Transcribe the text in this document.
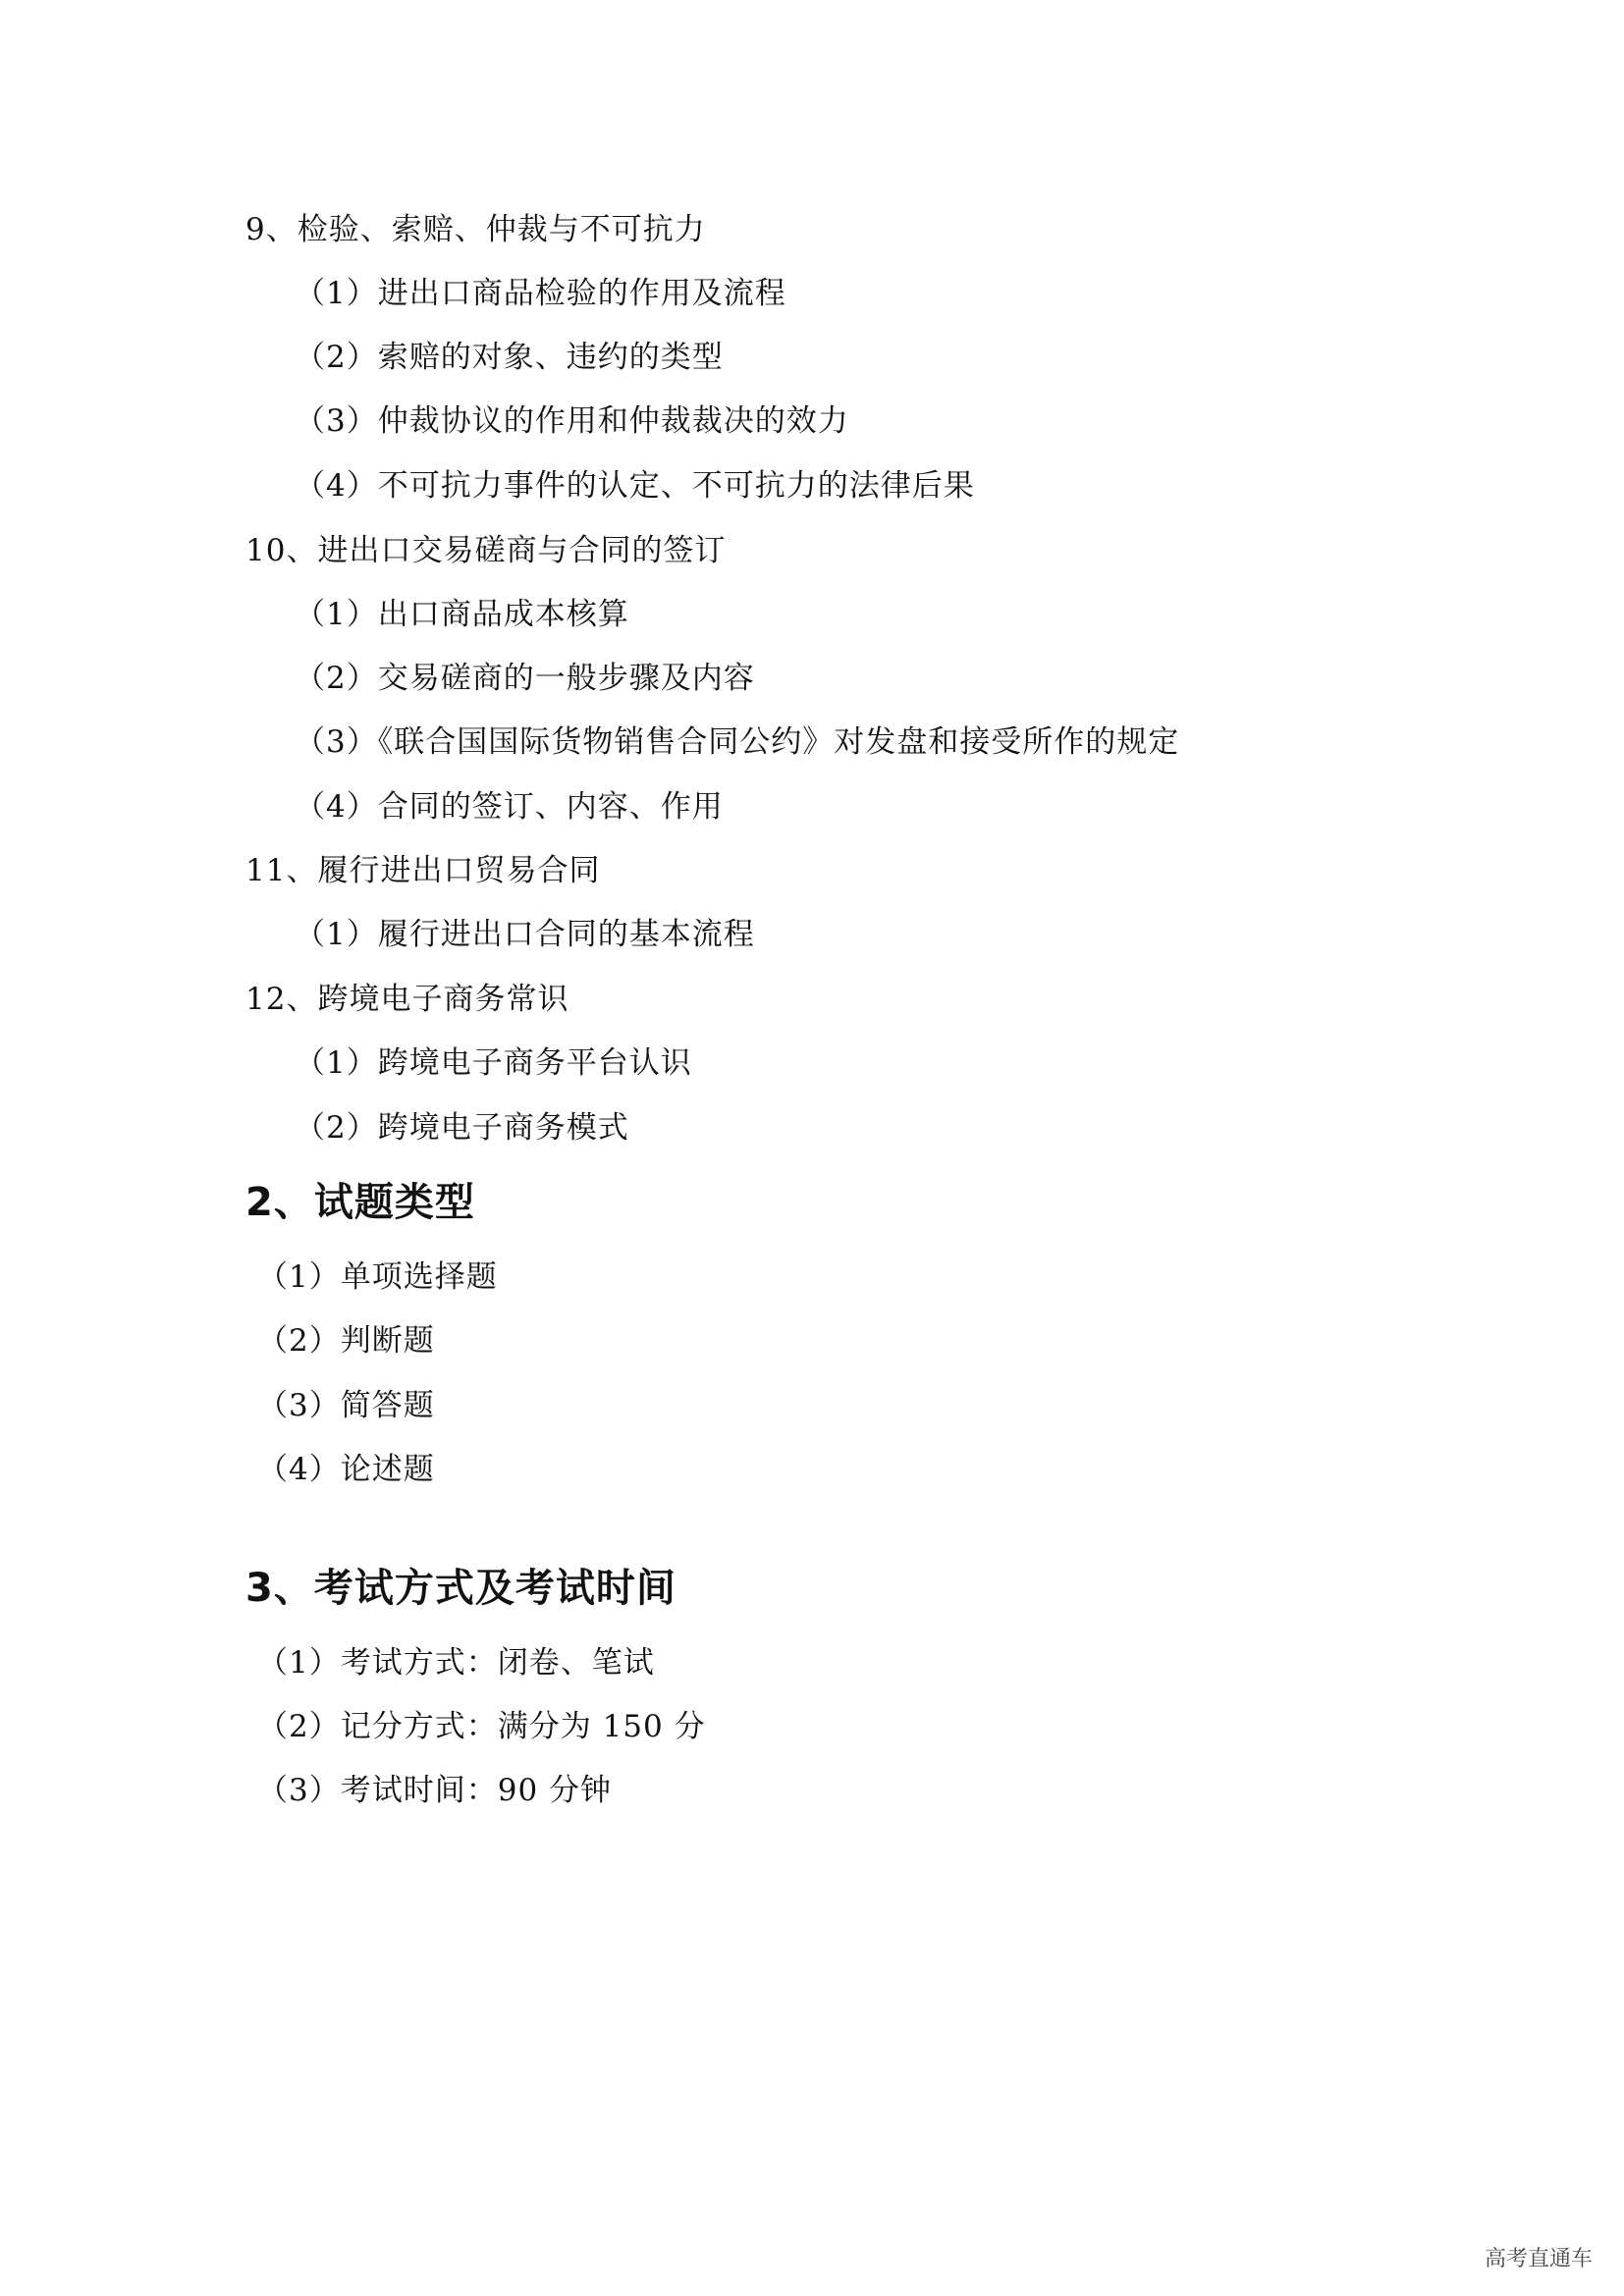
9、检验、索赔、仲裁与不可抗力
（1）进出口商品检验的作用及流程
（2）索赔的对象、违约的类型
（3）仲裁协议的作用和仲裁裁决的效力
（4）不可抗力事件的认定、不可抗力的法律后果
10、进出口交易磋商与合同的签订
（1）出口商品成本核算
（2）交易磋商的一般步骤及内容
（3）《联合国国际货物销售合同公约》对发盘和接受所作的规定
（4）合同的签订、内容、作用
11、履行进出口贸易合同
（1）履行进出口合同的基本流程
12、跨境电子商务常识
（1）跨境电子商务平台认识
（2）跨境电子商务模式
2、试题类型
（1）单项选择题
（2）判断题
（3）简答题
（4）论述题
3、考试方式及考试时间
（1）考试方式：闭卷、笔试
（2）记分方式：满分为 150 分
（3）考试时间：90 分钟
高考直通车
